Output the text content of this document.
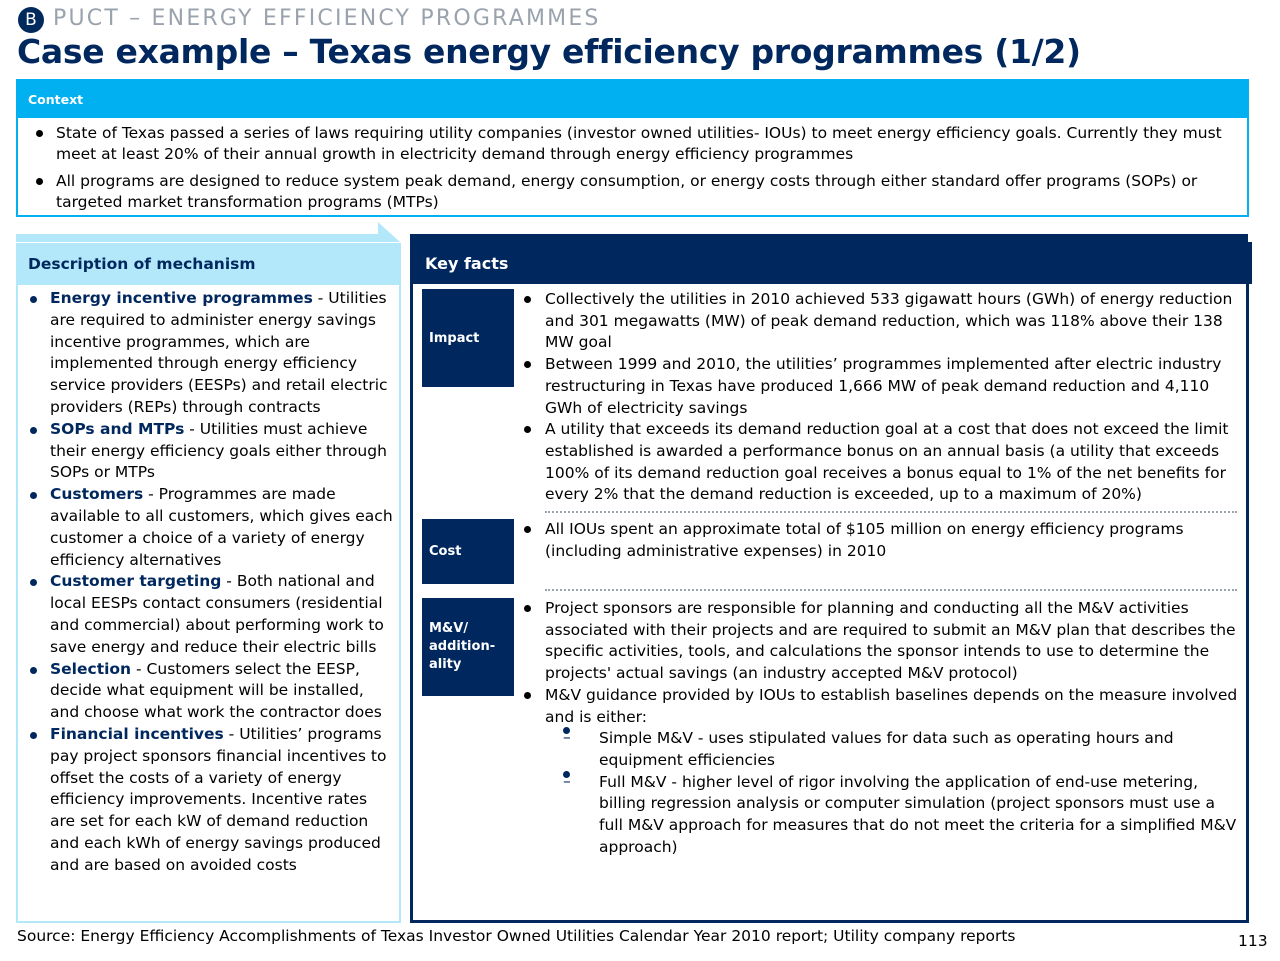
B PUCT – ENERGY EFFICIENCY PROGRAMMES
Case example – Texas energy efficiency programmes (1/2)
Context
State of Texas passed a series of laws requiring utility companies (investor owned utilities- IOUs) to meet energy efficiency goals. Currently they must meet at least 20% of their annual growth in electricity demand through energy efficiency programmes
All programs are designed to reduce system peak demand, energy consumption, or energy costs through either standard offer programs (SOPs) or targeted market transformation programs (MTPs)
Description of mechanism
Energy incentive programmes - Utilities are required to administer energy savings incentive programmes, which are implemented through energy efficiency service providers (EESPs) and retail electric providers (REPs) through contracts
SOPs and MTPs - Utilities must achieve their energy efficiency goals either through SOPs or MTPs
Customers - Programmes are made available to all customers, which gives each customer a choice of a variety of energy efficiency alternatives
Customer targeting - Both national and local EESPs contact consumers (residential and commercial) about performing work to save energy and reduce their electric bills
Selection - Customers select the EESP, decide what equipment will be installed, and choose what work the contractor does
Financial incentives - Utilities’ programs pay project sponsors financial incentives to offset the costs of a variety of energy efficiency improvements. Incentive rates are set for each kW of demand reduction and each kWh of energy savings produced and are based on avoided costs
Key facts
Impact
Collectively the utilities in 2010 achieved 533 gigawatt hours (GWh) of energy reduction and 301 megawatts (MW) of peak demand reduction, which was 118% above their 138 MW goal
Between 1999 and 2010, the utilities’ programmes implemented after electric industry restructuring in Texas have produced 1,666 MW of peak demand reduction and 4,110 GWh of electricity savings
A utility that exceeds its demand reduction goal at a cost that does not exceed the limit established is awarded a performance bonus on an annual basis (a utility that exceeds 100% of its demand reduction goal receives a bonus equal to 1% of the net benefits for every 2% that the demand reduction is exceeded, up to a maximum of 20%)
Cost
All IOUs spent an approximate total of $105 million on energy efficiency programs (including administrative expenses) in 2010
M&V/
addition-
ality
Project sponsors are responsible for planning and conducting all the M&V activities associated with their projects and are required to submit an M&V plan that describes the specific activities, tools, and calculations the sponsor intends to use to determine the projects' actual savings (an industry accepted M&V protocol)
M&V guidance provided by IOUs to establish baselines depends on the measure involved and is either:
– Simple M&V - uses stipulated values for data such as operating hours and equipment efficiencies
– Full M&V - higher level of rigor involving the application of end-use metering, billing regression analysis or computer simulation (project sponsors must use a full M&V approach for measures that do not meet the criteria for a simplified M&V approach)
Source: Energy Efficiency Accomplishments of Texas Investor Owned Utilities Calendar Year 2010 report; Utility company reports	113
